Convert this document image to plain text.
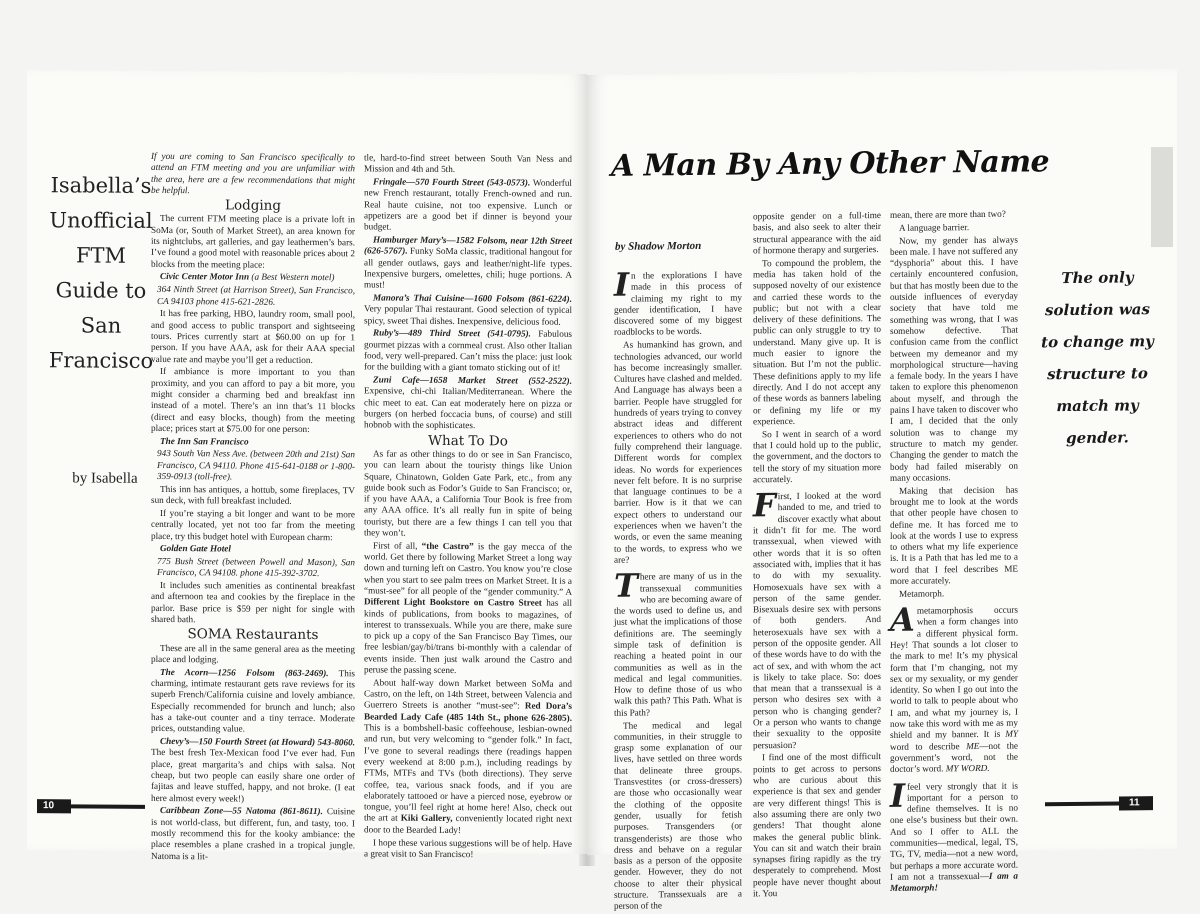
Isabella’s
Unofficial
FTM
Guide to
San
Francisco
by Isabella

If you are coming to San Francisco specifically to attend an FTM meeting and you are unfamiliar with the area, here are a few recommendations that might be helpful.

Lodging

The current FTM meeting place is a private loft in SoMa (or, South of Market Street), an area known for its nightclubs, art galleries, and gay leathermen’s bars. I’ve found a good motel with reasonable prices about 2 blocks from the meeting place:

Civic Center Motor Inn (a Best Western motel)

364 Ninth Street (at Harrison Street), San Francisco, CA 94103 phone 415-621-2826.

It has free parking, HBO, laundry room, small pool, and good access to public transport and sightseeing tours. Prices currently start at $60.00 on up for 1 person. If you have AAA, ask for their AAA special value rate and maybe you’ll get a reduction.

If ambiance is more important to you than proximity, and you can afford to pay a bit more, you might consider a charming bed and breakfast inn instead of a motel. There’s an inn that’s 11 blocks (direct and easy blocks, though) from the meeting place; prices start at $75.00 for one person:

The Inn San Francisco

943 South Van Ness Ave. (between 20th and 21st) San Francisco, CA 94110. Phone 415-641-0188 or 1-800-359-0913 (toll-free).

This inn has antiques, a hottub, some fireplaces, TV sun deck, with full breakfast included.

If you’re staying a bit longer and want to be more centrally located, yet not too far from the meeting place, try this budget hotel with European charm:

Golden Gate Hotel

775 Bush Street (between Powell and Mason), San Francisco, CA 94108. phone 415-392-3702.

It includes such amenities as continental breakfast and afternoon tea and cookies by the fireplace in the parlor. Base price is $59 per night for single with shared bath.

SOMA Restaurants

These are all in the same general area as the meeting place and lodging.

The Acorn—1256 Folsom (863-2469). This charming, intimate restaurant gets rave reviews for its superb French/California cuisine and lovely ambiance. Especially recommended for brunch and lunch; also has a take-out counter and a tiny terrace. Moderate prices, outstanding value.

Chevy’s—150 Fourth Street (at Howard) 543-8060. The best fresh Tex-Mexican food I’ve ever had. Fun place, great margarita’s and chips with salsa. Not cheap, but two people can easily share one order of fajitas and leave stuffed, happy, and not broke. (I eat here almost every week!)

Caribbean Zone—55 Natoma (861-8611). Cuisine is not world-class, but different, fun, and tasty, too. I mostly recommend this for the kooky ambiance: the place resembles a plane crashed in a tropical jungle. Natoma is a lit-

tle, hard-to-find street between South Van Ness and Mission and 4th and 5th.

Fringale—570 Fourth Street (543-0573). Wonderful new French restaurant, totally French-owned and run. Real haute cuisine, not too expensive. Lunch or appetizers are a good bet if dinner is beyond your budget.

Hamburger Mary’s—1582 Folsom, near 12th Street (626-5767). Funky SoMa classic, traditional hangout for all gender outlaws, gays and leather/night-life types. Inexpensive burgers, omelettes, chili; huge portions. A must!

Manora’s Thai Cuisine—1600 Folsom (861-6224). Very popular Thai restaurant. Good selection of typical spicy, sweet Thai dishes. Inexpensive, delicious food.

Ruby’s—489 Third Street (541-0795). Fabulous gourmet pizzas with a cornmeal crust. Also other Italian food, very well-prepared. Can’t miss the place: just look for the building with a giant tomato sticking out of it!

Zuni Cafe—1658 Market Street (552-2522). Expensive, chi-chi Italian/Mediterranean. Where the chic meet to eat. Can eat moderately here on pizza or burgers (on herbed foccacia buns, of course) and still hobnob with the sophisticates.

What To Do

As far as other things to do or see in San Francisco, you can learn about the touristy things like Union Square, Chinatown, Golden Gate Park, etc., from any guide book such as Fodor’s Guide to San Francisco; or, if you have AAA, a California Tour Book is free from any AAA office. It’s all really fun in spite of being touristy, but there are a few things I can tell you that they won’t.

First of all, “the Castro” is the gay mecca of the world. Get there by following Market Street a long way down and turning left on Castro. You know you’re close when you start to see palm trees on Market Street. It is a “must-see” for all people of the “gender community.” A Different Light Bookstore on Castro Street has all kinds of publications, from books to magazines, of interest to transsexuals. While you are there, make sure to pick up a copy of the San Francisco Bay Times, our free lesbian/gay/bi/trans bi-monthly with a calendar of events inside. Then just walk around the Castro and peruse the passing scene.

About half-way down Market between SoMa and Castro, on the left, on 14th Street, between Valencia and Guerrero Streets is another “must-see”: Red Dora’s Bearded Lady Cafe (485 14th St., phone 626-2805). This is a bombshell-basic coffeehouse, lesbian-owned and run, but very welcoming to “gender folk.” In fact, I’ve gone to several readings there (readings happen every weekend at 8:00 p.m.), including readings by FTMs, MTFs and TVs (both directions). They serve coffee, tea, various snack foods, and if you are elaborately tattooed or have a pierced nose, eyebrow or tongue, you’ll feel right at home here! Also, check out the art at Kiki Gallery, conveniently located right next door to the Bearded Lady!

I hope these various suggestions will be of help. Have a great visit to San Francisco!

10
A Man By Any Other Name
by Shadow Morton

In the explorations I have made in this process of claiming my right to my gender identification, I have discovered some of my biggest roadblocks to be words.

As humankind has grown, and technologies advanced, our world has become increasingly smaller. Cultures have clashed and melded. And Language has always been a barrier. People have struggled for hundreds of years trying to convey abstract ideas and different experiences to others who do not fully comprehend their language. Different words for complex ideas. No words for experiences never felt before. It is no surprise that language continues to be a barrier. How is it that we can expect others to understand our experiences when we haven’t the words, or even the same meaning to the words, to express who we are?

There are many of us in the transsexual communities who are becoming aware of the words used to define us, and just what the implications of those definitions are. The seemingly simple task of definition is reaching a heated point in our communities as well as in the medical and legal communities. How to define those of us who walk this path? This Path. What is this Path?

The medical and legal communities, in their struggle to grasp some explanation of our lives, have settled on three words that delineate three groups. Transvestites (or cross-dressers) are those who occasionally wear the clothing of the opposite gender, usually for fetish purposes. Transgenders (or transgenderists) are those who dress and behave on a regular basis as a person of the opposite gender. However, they do not choose to alter their physical structure. Transsexuals are a person of the

opposite gender on a full-time basis, and also seek to alter their structural appearance with the aid of hormone therapy and surgeries.

To compound the problem, the media has taken hold of the supposed novelty of our existence and carried these words to the public; but not with a clear delivery of these definitions. The public can only struggle to try to understand. Many give up. It is much easier to ignore the situation. But I’m not the public. These definitions apply to my life directly. And I do not accept any of these words as banners labeling or defining my life or my experience.

So I went in search of a word that I could hold up to the public, the government, and the doctors to tell the story of my situation more accurately.

First, I looked at the word handed to me, and tried to discover exactly what about it didn’t fit for me. The word transsexual, when viewed with other words that it is so often associated with, implies that it has to do with my sexuality. Homosexuals have sex with a person of the same gender. Bisexuals desire sex with persons of both genders. And heterosexuals have sex with a person of the opposite gender. All of these words have to do with the act of sex, and with whom the act is likely to take place. So: does that mean that a transsexual is a person who desires sex with a person who is changing gender? Or a person who wants to change their sexuality to the opposite persuasion?

I find one of the most difficult points to get across to persons who are curious about this experience is that sex and gender are very different things! This is also assuming there are only two genders! That thought alone makes the general public blink. You can sit and watch their brain synapses firing rapidly as the try desperately to comprehend. Most people have never thought about it. You

mean, there are more than two?

A language barrier.

Now, my gender has always been male. I have not suffered any “dysphoria” about this. I have certainly encountered confusion, but that has mostly been due to the outside influences of everyday society that have told me something was wrong, that I was somehow defective. That confusion came from the conflict between my demeanor and my morphological structure—having a female body. In the years I have taken to explore this phenomenon about myself, and through the pains I have taken to discover who I am, I decided that the only solution was to change my structure to match my gender. Changing the gender to match the body had failed miserably on many occasions.

Making that decision has brought me to look at the words that other people have chosen to define me. It has forced me to look at the words I use to express to others what my life experience is. It is a Path that has led me to a word that I feel describes ME more accurately.

Metamorph.

Ametamorphosis occurs when a form changes into a different physical form. Hey! That sounds a lot closer to the mark to me! It’s my physical form that I’m changing, not my sex or my sexuality, or my gender identity. So when I go out into the world to talk to people about who I am, and what my journey is, I now take this word with me as my shield and my banner. It is MY word to describe ME—not the government’s word, not the doctor’s word. MY WORD.

Ifeel very strongly that it is important for a person to define themselves. It is no one else’s business but their own. And so I offer to ALL the communities—medical, legal, TS, TG, TV, media—not a new word, but perhaps a more accurate word. I am not a transsexual—I am a Metamorph!

The only solution was to change my structure to match my gender.
11
